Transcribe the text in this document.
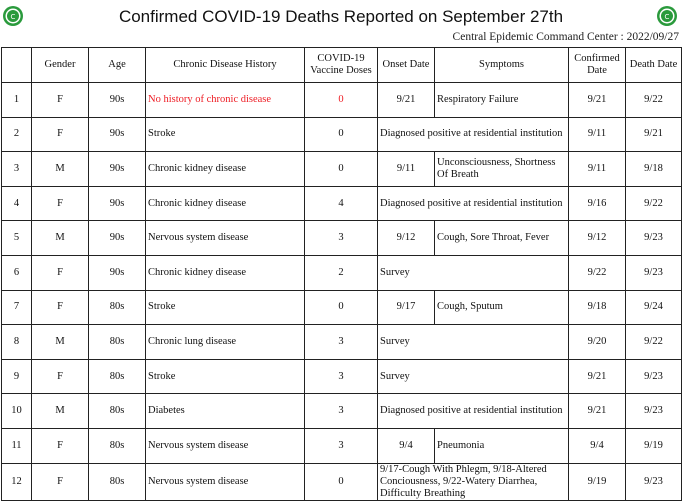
C	Confirmed COVID-19 Deaths Reported on September 27th	C
Central Epidemic Command Center : 2022/09/27
	Gender	Age	Chronic Disease History	COVID-19 Vaccine Doses	Onset Date	Symptoms	Confirmed Date	Death Date
1	F	90s	No history of chronic disease	0	9/21	Respiratory Failure	9/21	9/22
2	F	90s	Stroke	0	Diagnosed positive at residential institution		9/11	9/21
3	M	90s	Chronic kidney disease	0	9/11	Unconsciousness, Shortness Of Breath	9/11	9/18
4	F	90s	Chronic kidney disease	4	Diagnosed positive at residential institution		9/16	9/22
5	M	90s	Nervous system disease	3	9/12	Cough, Sore Throat, Fever	9/12	9/23
6	F	90s	Chronic kidney disease	2	Survey		9/22	9/23
7	F	80s	Stroke	0	9/17	Cough, Sputum	9/18	9/24
8	M	80s	Chronic lung disease	3	Survey		9/20	9/22
9	F	80s	Stroke	3	Survey		9/21	9/23
10	M	80s	Diabetes	3	Diagnosed positive at residential institution		9/21	9/23
11	F	80s	Nervous system disease	3	9/4	Pneumonia	9/4	9/19
12	F	80s	Nervous system disease	0	9/17-Cough With Phlegm, 9/18-Altered Conciousness, 9/22-Watery Diarrhea, Difficulty Breathing		9/19	9/23
